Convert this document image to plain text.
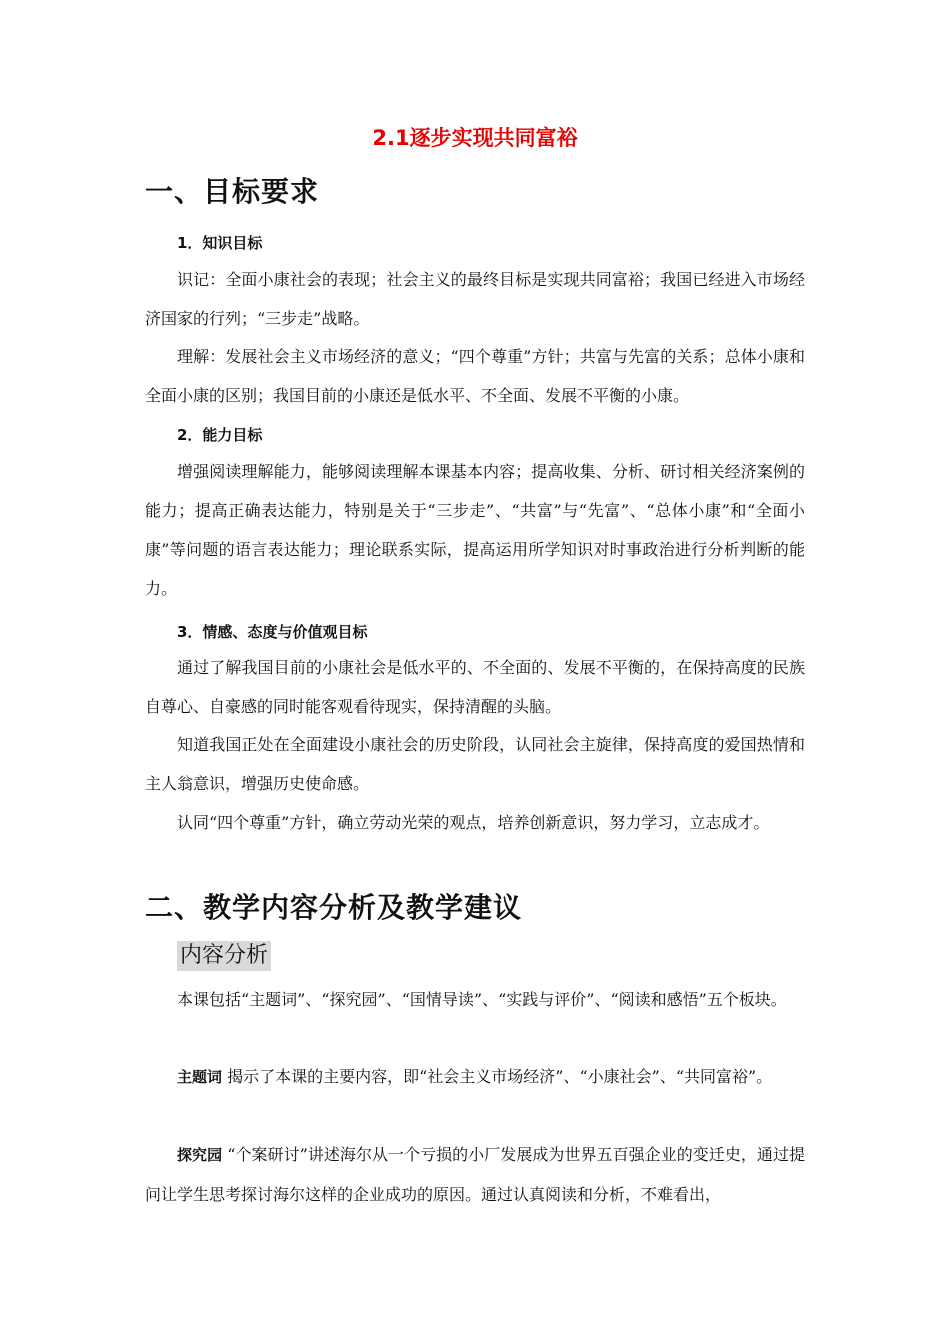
2.1逐步实现共同富裕
一、目标要求
1．知识目标
识记：全面小康社会的表现；社会主义的最终目标是实现共同富裕；我国已经进入市场经济国家的行列；“三步走”战略。
理解：发展社会主义市场经济的意义；“四个尊重”方针；共富与先富的关系；总体小康和全面小康的区别；我国目前的小康还是低水平、不全面、发展不平衡的小康。
2．能力目标
增强阅读理解能力，能够阅读理解本课基本内容；提高收集、分析、研讨相关经济案例的能力；提高正确表达能力，特别是关于“三步走”、“共富”与“先富”、“总体小康”和“全面小康”等问题的语言表达能力；理论联系实际，提高运用所学知识对时事政治进行分析判断的能力。
3．情感、态度与价值观目标
通过了解我国目前的小康社会是低水平的、不全面的、发展不平衡的，在保持高度的民族自尊心、自豪感的同时能客观看待现实，保持清醒的头脑。
知道我国正处在全面建设小康社会的历史阶段，认同社会主旋律，保持高度的爱国热情和主人翁意识，增强历史使命感。
认同“四个尊重”方针，确立劳动光荣的观点，培养创新意识，努力学习，立志成才。
二、教学内容分析及教学建议
内容分析
本课包括“主题词”、“探究园”、“国情导读”、“实践与评价”、“阅读和感悟”五个板块。
主题词 揭示了本课的主要内容，即“社会主义市场经济”、“小康社会”、“共同富裕”。
探究园 “个案研讨”讲述海尔从一个亏损的小厂发展成为世界五百强企业的变迁史，通过提问让学生思考探讨海尔这样的企业成功的原因。通过认真阅读和分析，不难看出，
